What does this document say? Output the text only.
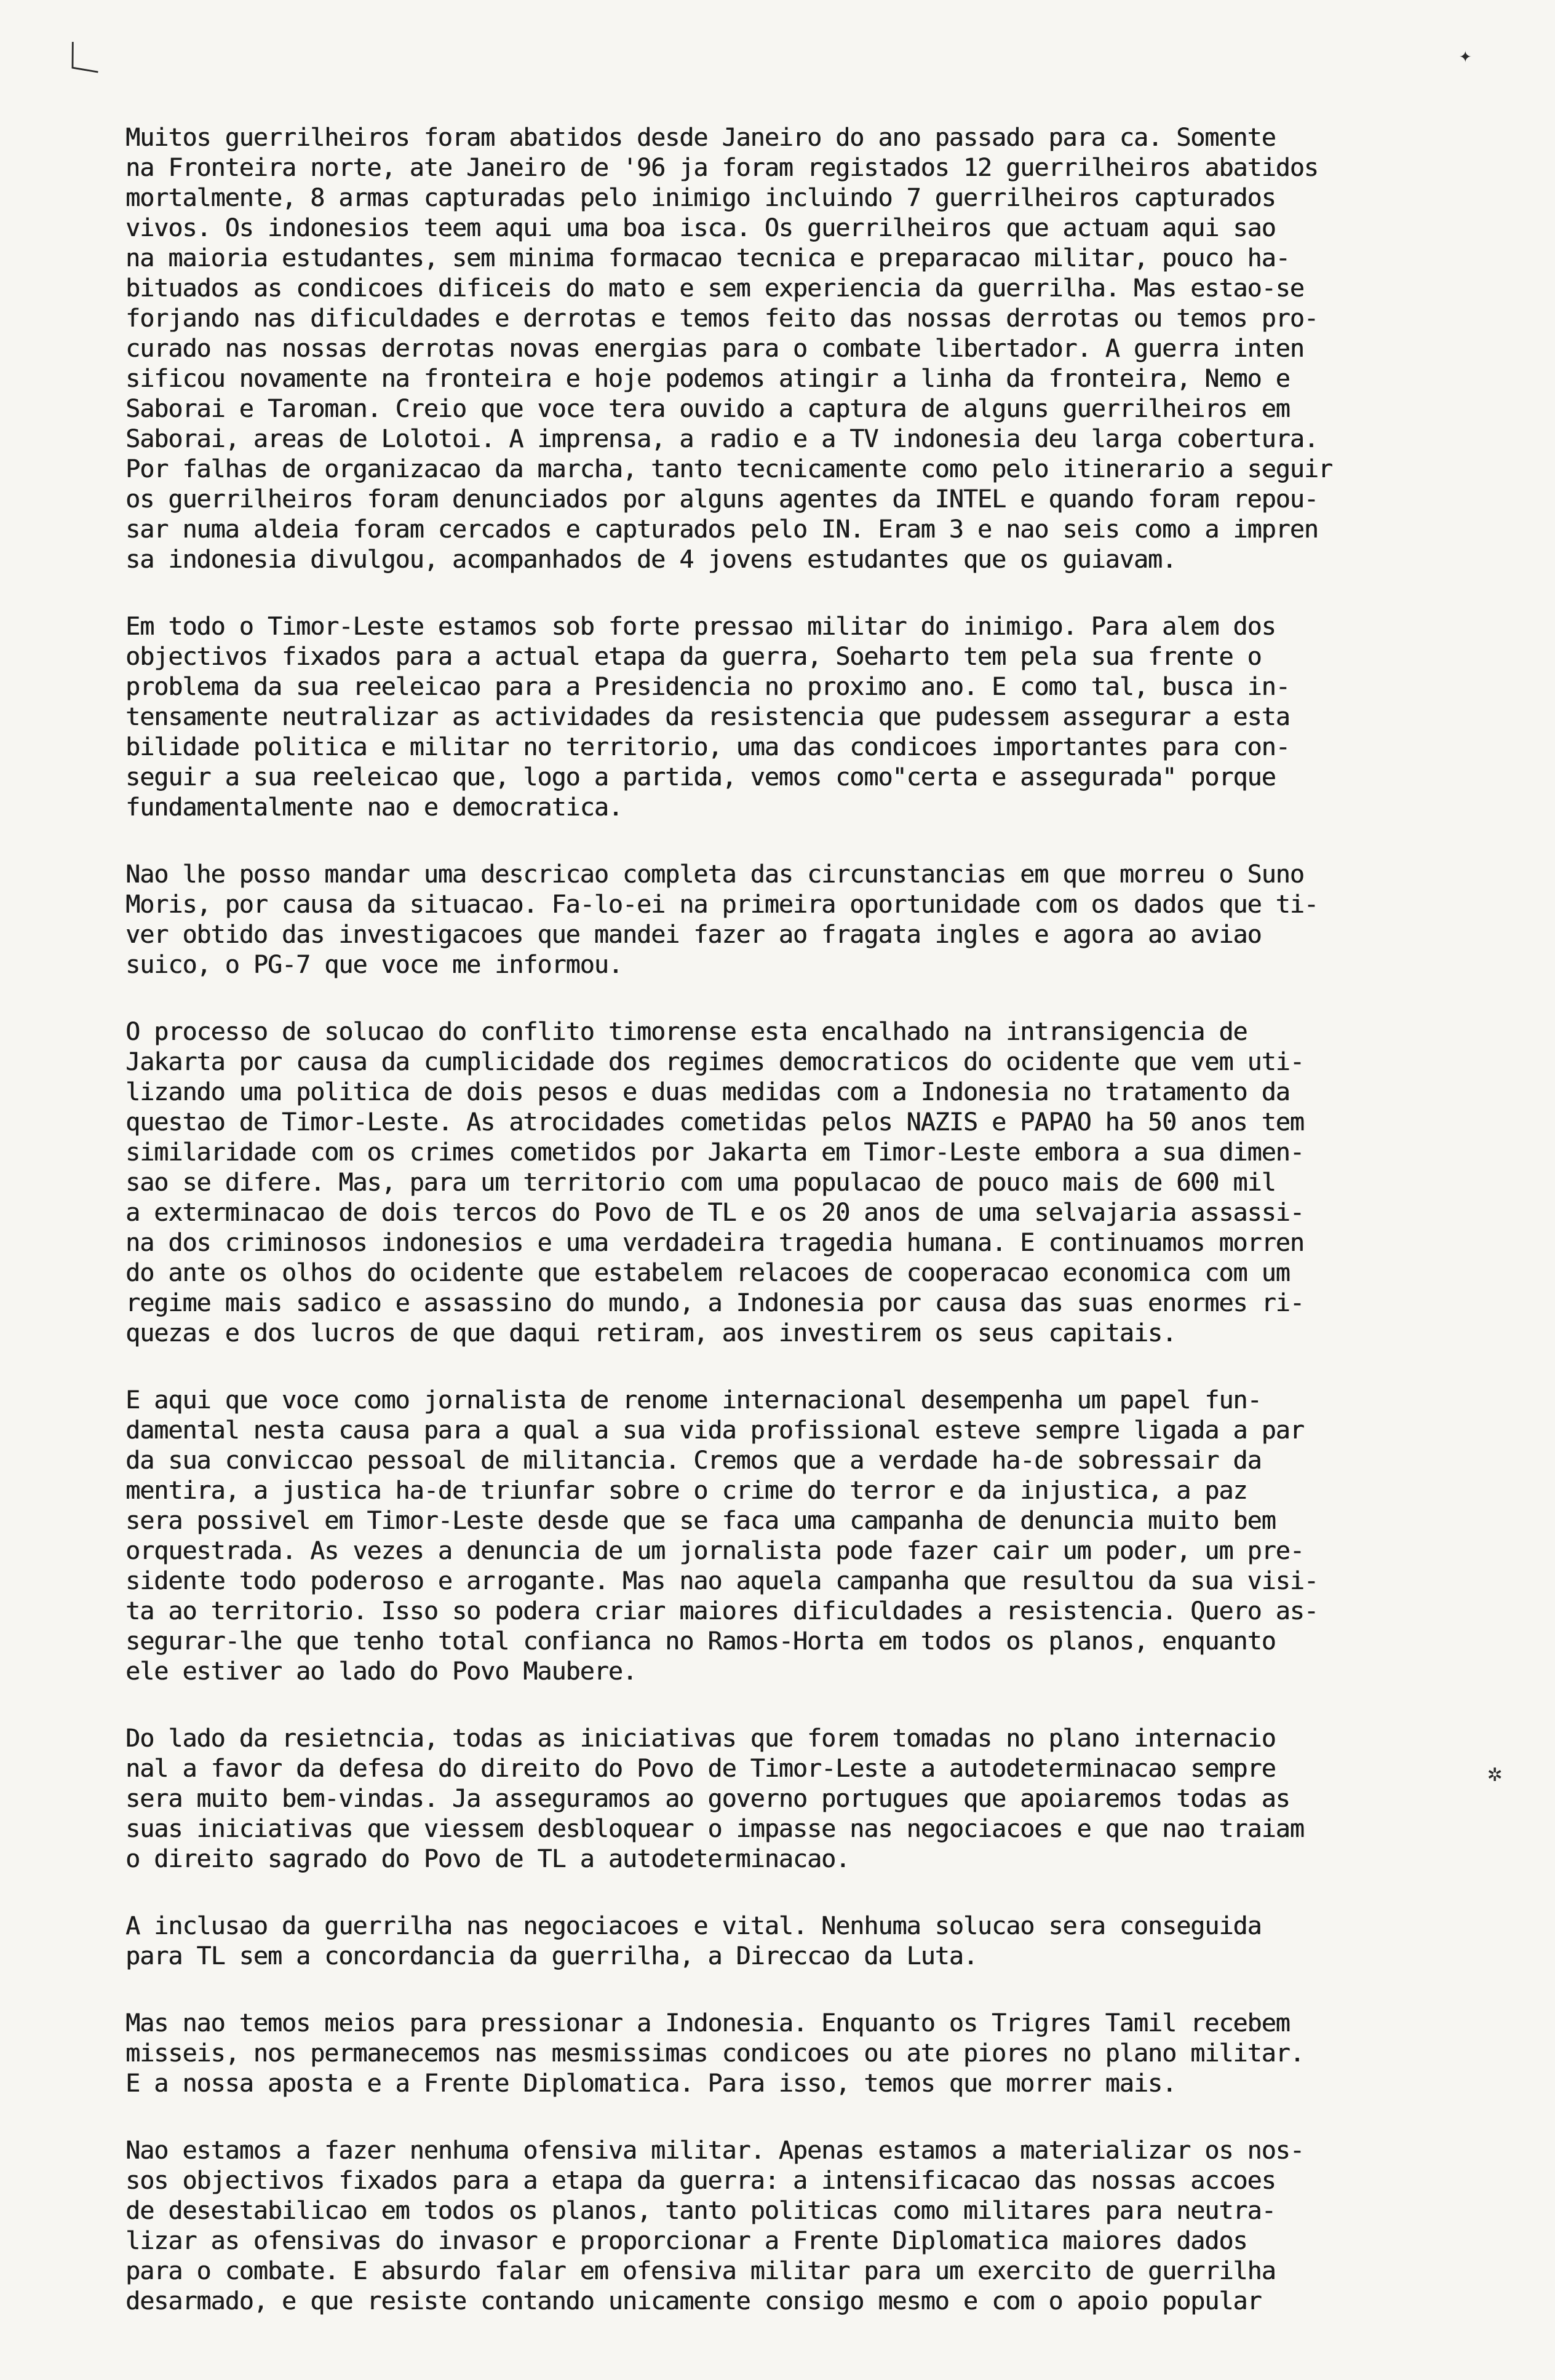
〈	✦
✲
Muitos guerrilheiros foram abatidos desde Janeiro do ano passado para ca. Somente
na Fronteira norte, ate Janeiro de '96 ja foram registados 12 guerrilheiros abatidos
mortalmente, 8 armas capturadas pelo inimigo incluindo 7 guerrilheiros capturados
vivos. Os indonesios teem aqui uma boa isca. Os guerrilheiros que actuam aqui sao
na maioria estudantes, sem minima formacao tecnica e preparacao militar, pouco ha-
bituados as condicoes dificeis do mato e sem experiencia da guerrilha. Mas estao-se
forjando nas dificuldades e derrotas e temos feito das nossas derrotas ou temos pro-
curado nas nossas derrotas novas energias para o combate libertador. A guerra inten
sificou novamente na fronteira e hoje podemos atingir a linha da fronteira, Nemo e
Saborai e Taroman. Creio que voce tera ouvido a captura de alguns guerrilheiros em
Saborai, areas de Lolotoi. A imprensa, a radio e a TV indonesia deu larga cobertura.
Por falhas de organizacao da marcha, tanto tecnicamente como pelo itinerario a seguir
os guerrilheiros foram denunciados por alguns agentes da INTEL e quando foram repou-
sar numa aldeia foram cercados e capturados pelo IN. Eram 3 e nao seis como a impren
sa indonesia divulgou, acompanhados de 4 jovens estudantes que os guiavam.
Em todo o Timor-Leste estamos sob forte pressao militar do inimigo. Para alem dos
objectivos fixados para a actual etapa da guerra, Soeharto tem pela sua frente o
problema da sua reeleicao para a Presidencia no proximo ano. E como tal, busca in-
tensamente neutralizar as actividades da resistencia que pudessem assegurar a esta
bilidade politica e militar no territorio, uma das condicoes importantes para con-
seguir a sua reeleicao que, logo a partida, vemos como"certa e assegurada" porque
fundamentalmente nao e democratica.
Nao lhe posso mandar uma descricao completa das circunstancias em que morreu o Suno
Moris, por causa da situacao. Fa-lo-ei na primeira oportunidade com os dados que ti-
ver obtido das investigacoes que mandei fazer ao fragata ingles e agora ao aviao
suico, o PG-7 que voce me informou.
O processo de solucao do conflito timorense esta encalhado na intransigencia de
Jakarta por causa da cumplicidade dos regimes democraticos do ocidente que vem uti-
lizando uma politica de dois pesos e duas medidas com a Indonesia no tratamento da
questao de Timor-Leste. As atrocidades cometidas pelos NAZIS e PAPAO ha 50 anos tem
similaridade com os crimes cometidos por Jakarta em Timor-Leste embora a sua dimen-
sao se difere. Mas, para um territorio com uma populacao de pouco mais de 600 mil
a exterminacao de dois tercos do Povo de TL e os 20 anos de uma selvajaria assassi-
na dos criminosos indonesios e uma verdadeira tragedia humana. E continuamos morren
do ante os olhos do ocidente que estabelem relacoes de cooperacao economica com um
regime mais sadico e assassino do mundo, a Indonesia por causa das suas enormes ri-
quezas e dos lucros de que daqui retiram, aos investirem os seus capitais.
E aqui que voce como jornalista de renome internacional desempenha um papel fun-
damental nesta causa para a qual a sua vida profissional esteve sempre ligada a par
da sua conviccao pessoal de militancia. Cremos que a verdade ha-de sobressair da
mentira, a justica ha-de triunfar sobre o crime do terror e da injustica, a paz
sera possivel em Timor-Leste desde que se faca uma campanha de denuncia muito bem
orquestrada. As vezes a denuncia de um jornalista pode fazer cair um poder, um pre-
sidente todo poderoso e arrogante. Mas nao aquela campanha que resultou da sua visi-
ta ao territorio. Isso so podera criar maiores dificuldades a resistencia. Quero as-
segurar-lhe que tenho total confianca no Ramos-Horta em todos os planos, enquanto
ele estiver ao lado do Povo Maubere.
Do lado da resietncia, todas as iniciativas que forem tomadas no plano internacio
nal a favor da defesa do direito do Povo de Timor-Leste a autodeterminacao sempre
sera muito bem-vindas. Ja asseguramos ao governo portugues que apoiaremos todas as
suas iniciativas que viessem desbloquear o impasse nas negociacoes e que nao traiam
o direito sagrado do Povo de TL a autodeterminacao.
A inclusao da guerrilha nas negociacoes e vital. Nenhuma solucao sera conseguida
para TL sem a concordancia da guerrilha, a Direccao da Luta.
Mas nao temos meios para pressionar a Indonesia. Enquanto os Trigres Tamil recebem
misseis, nos permanecemos nas mesmissimas condicoes ou ate piores no plano militar.
E a nossa aposta e a Frente Diplomatica. Para isso, temos que morrer mais.
Nao estamos a fazer nenhuma ofensiva militar. Apenas estamos a materializar os nos-
sos objectivos fixados para a etapa da guerra: a intensificacao das nossas accoes
de desestabilicao em todos os planos, tanto politicas como militares para neutra-
lizar as ofensivas do invasor e proporcionar a Frente Diplomatica maiores dados
para o combate. E absurdo falar em ofensiva militar para um exercito de guerrilha
desarmado, e que resiste contando unicamente consigo mesmo e com o apoio popular
